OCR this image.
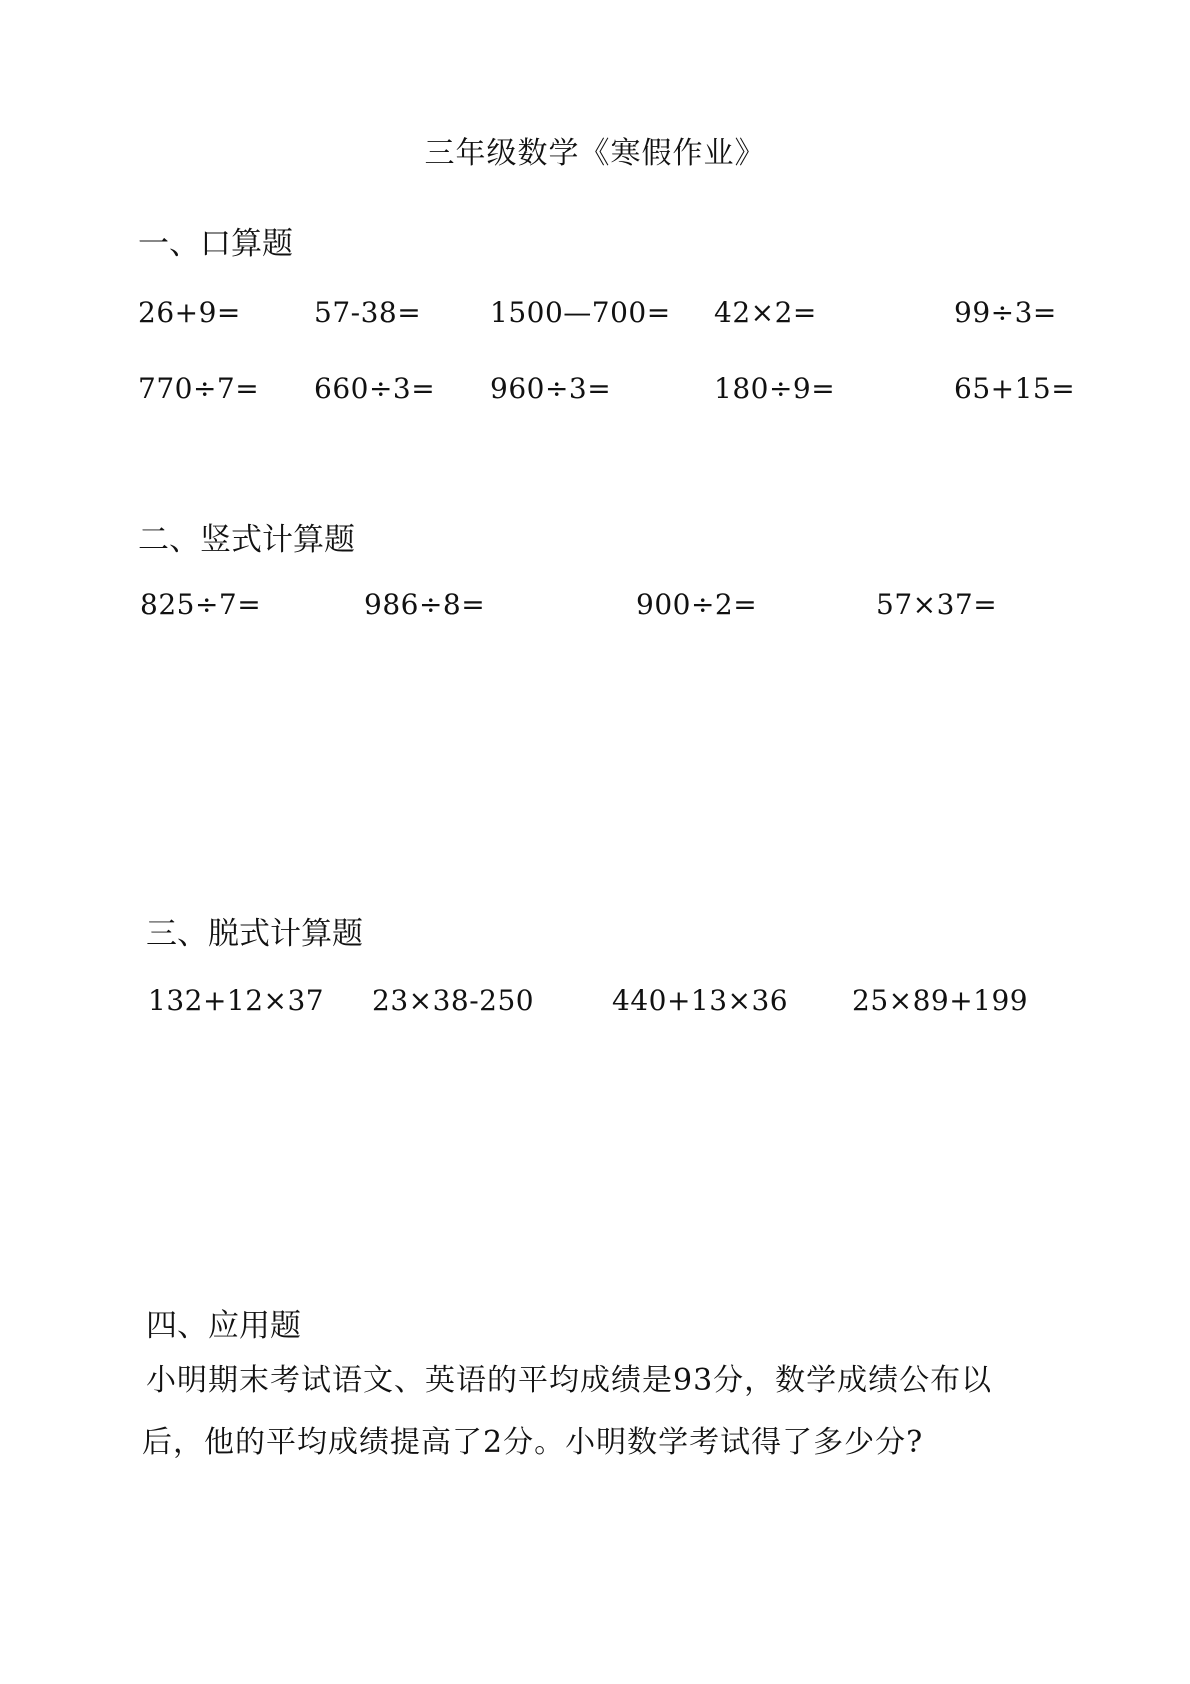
三年级数学《寒假作业》
一、口算题
26+9=	57-38= 1500—700= 42×2=	99÷3=
770÷7= 660÷3= 960÷3=	180÷9=	65+15=
二、竖式计算题
825÷7=	986÷8=	900÷2=	57×37=
三、脱式计算题
132+12×37 23×38-250	440+13×36 25×89+199
四、应用题
小明期末考试语文、英语的平均成绩是93分，数学成绩公布以
后，他的平均成绩提高了2分。小明数学考试得了多少分?
